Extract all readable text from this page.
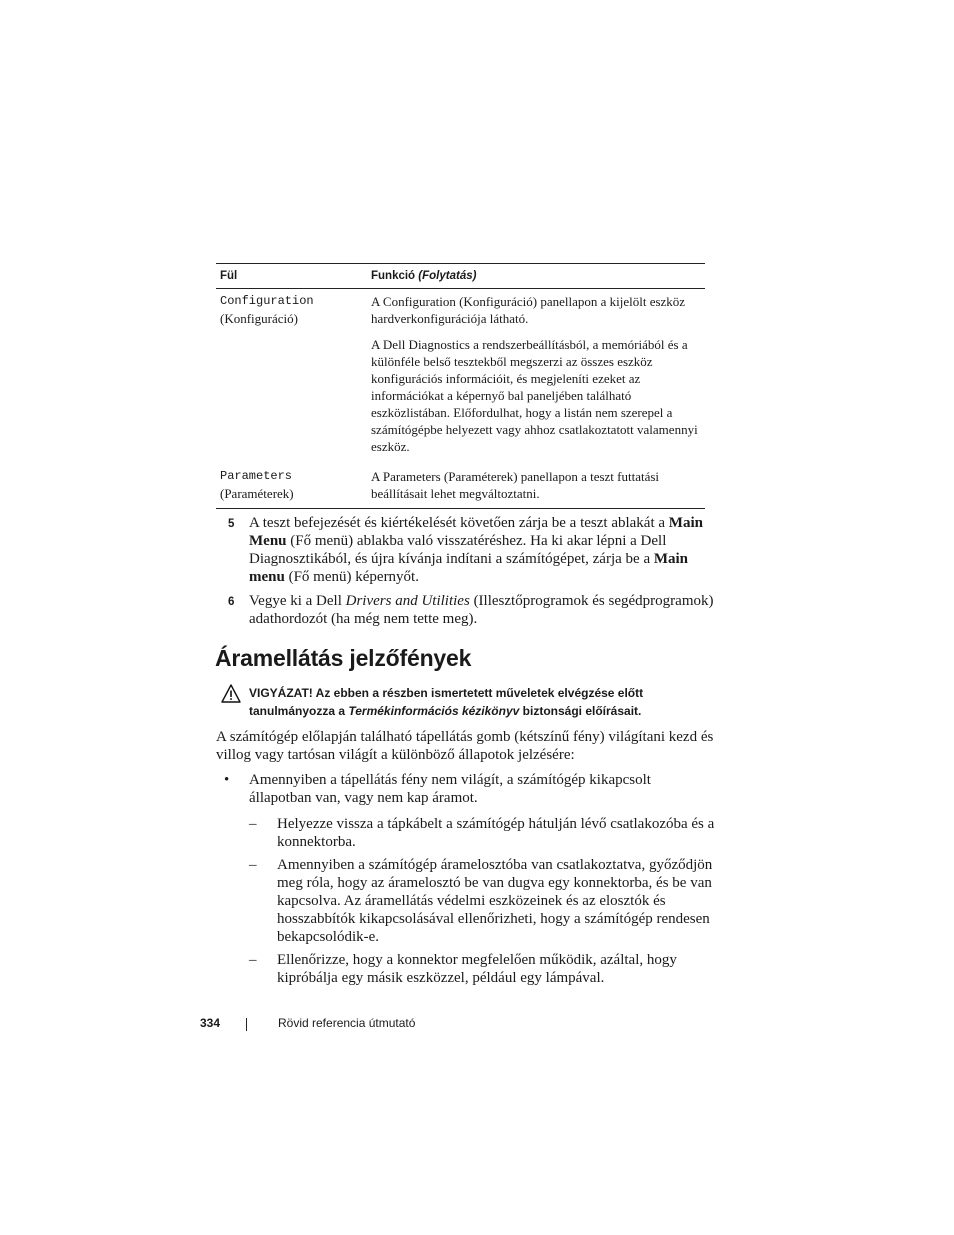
Fül	Funkció (Folytatás)
Configuration
(Konfiguráció)

A Configuration (Konfiguráció) panellapon a kijelölt eszköz hardverkonfigurációja látható.

A Dell Diagnostics a rendszerbeállításból, a memóriából és a különféle belső tesztekből megszerzi az összes eszköz konfigurációs információit, és megjeleníti ezeket az információkat a képernyő bal paneljében található eszközlistában. Előfordulhat, hogy a listán nem szerepel a számítógépbe helyezett vagy ahhoz csatlakoztatott valamennyi eszköz.

Parameters
(Paraméterek)

A Parameters (Paraméterek) panellapon a teszt futtatási beállításait lehet megváltoztatni.

5 A teszt befejezését és kiértékelését követően zárja be a teszt ablakát a Main Menu (Fő menü) ablakba való visszatéréshez. Ha ki akar lépni a Dell Diagnosztikából, és újra kívánja indítani a számítógépet, zárja be a Main menu (Fő menü) képernyőt.
6 Vegye ki a Dell Drivers and Utilities (Illesztőprogramok és segédprogramok) adathordozót (ha még nem tette meg).
Áramellátás jelzőfények
VIGYÁZAT! Az ebben a részben ismertetett műveletek elvégzése előtt tanulmányozza a Termékinformációs kézikönyv biztonsági előírásait.
A számítógép előlapján található tápellátás gomb (kétszínű fény) világítani kezd és villog vagy tartósan világít a különböző állapotok jelzésére:
• Amennyiben a tápellátás fény nem világít, a számítógép kikapcsolt állapotban van, vagy nem kap áramot.
– Helyezze vissza a tápkábelt a számítógép hátulján lévő csatlakozóba és a konnektorba.
– Amennyiben a számítógép áramelosztóba van csatlakoztatva, győződjön meg róla, hogy az áramelosztó be van dugva egy konnektorba, és be van kapcsolva. Az áramellátás védelmi eszközeinek és az elosztók és hosszabbítók kikapcsolásával ellenőrizheti, hogy a számítógép rendesen bekapcsolódik-e.
– Ellenőrizze, hogy a konnektor megfelelően működik, azáltal, hogy kipróbálja egy másik eszközzel, például egy lámpával.
334	Rövid referencia útmutató
